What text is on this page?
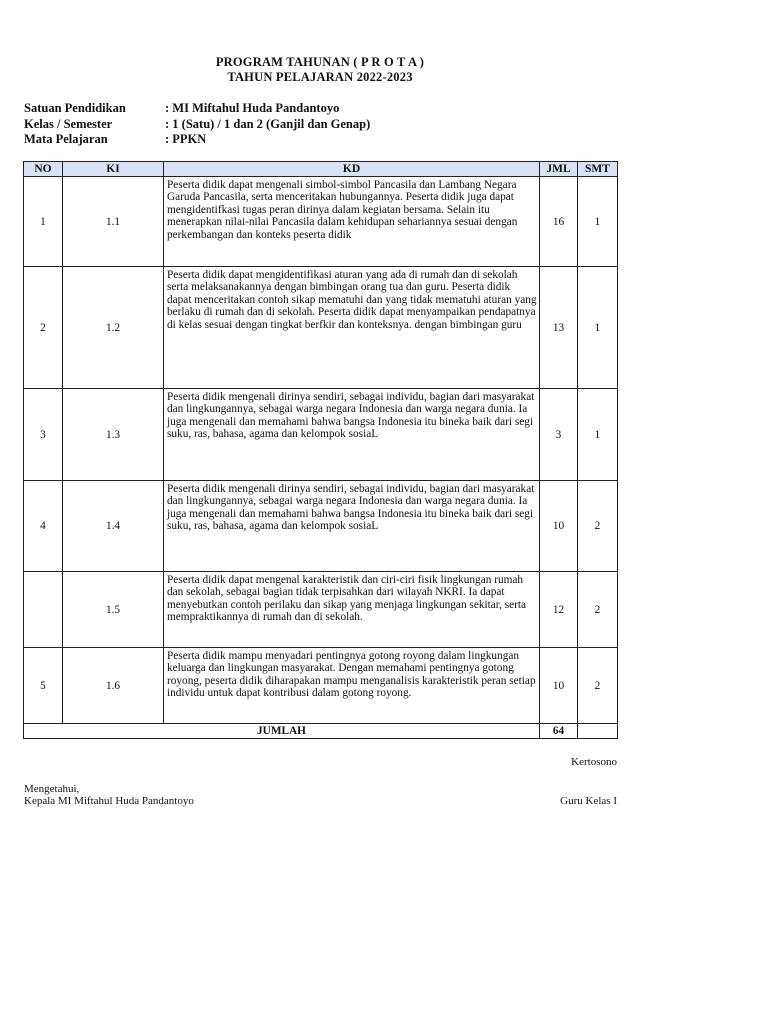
PROGRAM TAHUNAN ( P R O T A )
TAHUN PELAJARAN 2022-2023
Satuan Pendidikan	: MI Miftahul Huda Pandantoyo
Kelas / Semester	: 1 (Satu) / 1 dan 2 (Ganjil dan Genap)
Mata Pelajaran	: PPKN
NO	KI	KD	JML	SMT
1	1.1	Peserta didik dapat mengenali simbol-simbol Pancasila dan Lambang Negara Garuda Pancasila, serta menceritakan hubungannya. Peserta didik juga dapat mengidentifkasi tugas peran dirinya dalam kegiatan bersama. Selain itu menerapkan nilai-nilai Pancasila dalam kehidupan sehariannya sesuai dengan perkembangan dan konteks peserta didik	16	1
2	1.2	Peserta didik dapat mengidentifikasi aturan yang ada di rumah dan di sekolah serta melaksanakannya dengan bimbingan orang tua dan guru. Peserta didik dapat menceritakan contoh sikap mematuhi dan yang tidak mematuhi aturan yang berlaku di rumah dan di sekolah. Peserta didik dapat menyampaikan pendapatnya di kelas sesuai dengan tingkat berfkir dan konteksnya. dengan bimbingan guru	13	1
3	1.3	Peserta didik mengenali dirinya sendiri, sebagai individu, bagian dari masyarakat dan lingkungannya, sebagai warga negara Indonesia dan warga negara dunia. Ia juga mengenali dan memahami bahwa bangsa Indonesia itu bineka baik dari segi suku, ras, bahasa, agama dan kelompok sosiaL	3	1
4	1.4	Peserta didik mengenali dirinya sendiri, sebagai individu, bagian dari masyarakat dan lingkungannya, sebagai warga negara Indonesia dan warga negara dunia. Ia juga mengenali dan memahami bahwa bangsa Indonesia itu bineka baik dari segi suku, ras, bahasa, agama dan kelompok sosiaL	10	2
	1.5	Peserta didik dapat mengenal karakteristik dan ciri-ciri fisik lingkungan rumah dan sekolah, sebagai bagian tidak terpisahkan dari wilayah NKRI. Ia dapat menyebutkan contoh perilaku dan sikap yang menjaga lingkungan sekitar, serta mempraktikannya di rumah dan di sekolah.	12	2
5	1.6	Peserta didik mampu menyadari pentingnya gotong royong dalam lingkungan keluarga dan lingkungan masyarakat. Dengan memahami pentingnya gotong royong, peserta didik diharapakan mampu menganalisis karakteristik peran setiap individu untuk dapat kontribusi dalam gotong royong.	10	2
JUMLAH			64	
Kertosono
Mengetahui,
Kepala MI Miftahul Huda Pandantoyo	Guru Kelas I
